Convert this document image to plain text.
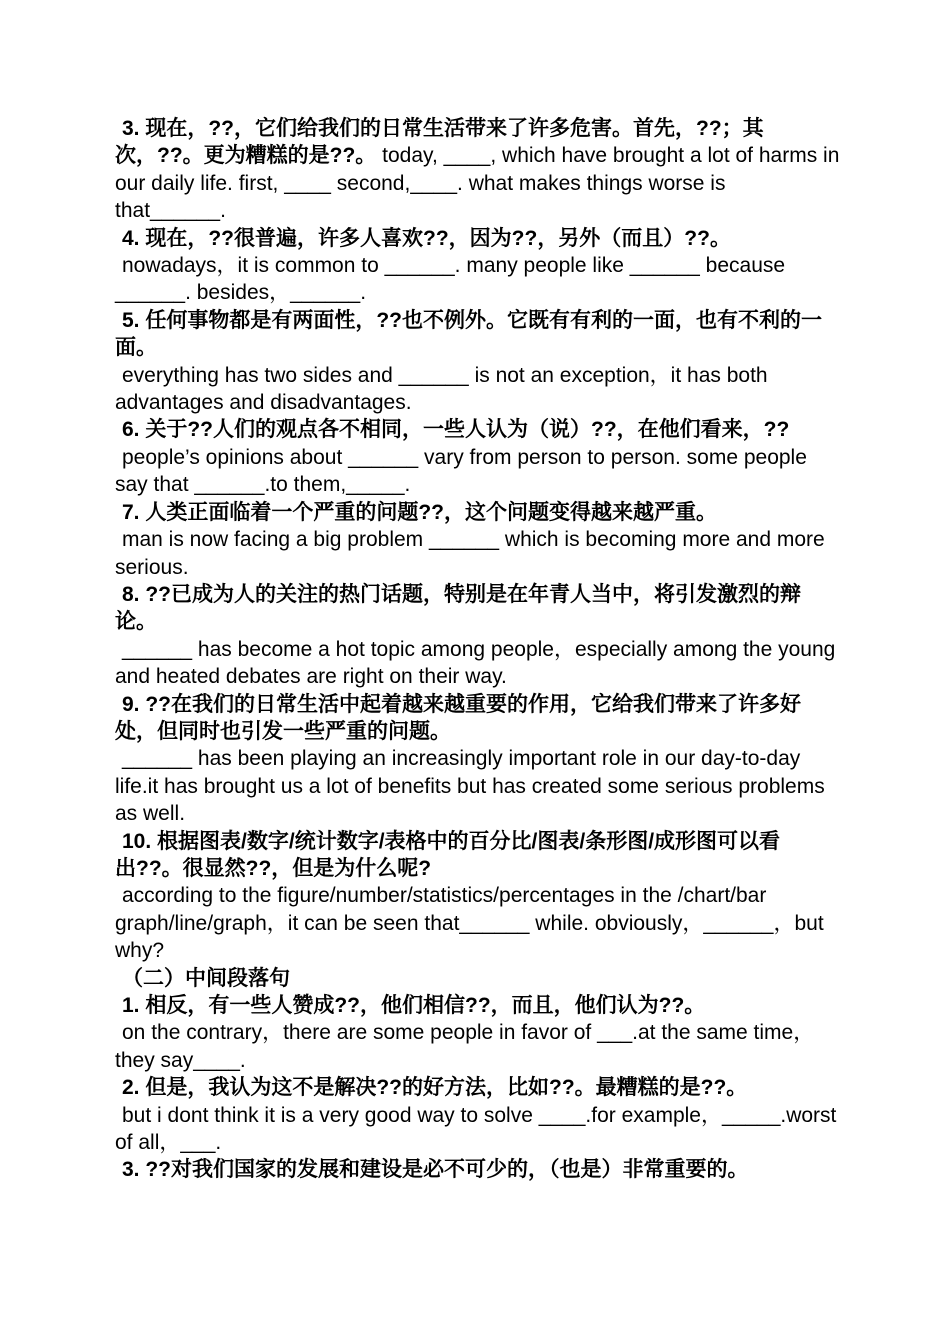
3. 现在，??，它们给我们的日常生活带来了许多危害。首先，??；其次，??。更为糟糕的是??。 today, ____, which have brought a lot of harms in our daily life. first, ____ second,____. what makes things worse is that______.

4. 现在，??很普遍，许多人喜欢??，因为??，另外（而且）??。
nowadays，it is common to ______. many people like ______ because ______. besides，______.

5. 任何事物都是有两面性，??也不例外。它既有有利的一面，也有不利的一面。
everything has two sides and ______ is not an exception，it has both advantages and disadvantages.

6. 关于??人们的观点各不相同，一些人认为（说）??，在他们看来，??
people’s opinions about ______ vary from person to person. some people say that ______.to them,_____.

7. 人类正面临着一个严重的问题??，这个问题变得越来越严重。
man is now facing a big problem ______ which is becoming more and more serious.

8. ??已成为人的关注的热门话题，特别是在年青人当中，将引发激烈的辩论。
______ has become a hot topic among people，especially among the young and heated debates are right on their way.

9. ??在我们的日常生活中起着越来越重要的作用，它给我们带来了许多好处，但同时也引发一些严重的问题。
______ has been playing an increasingly important role in our day-to-day life.it has brought us a lot of benefits but has created some serious problems as well.

10. 根据图表/数字/统计数字/表格中的百分比/图表/条形图/成形图可以看出??。很显然??，但是为什么呢?
according to the figure/number/statistics/percentages in the /chart/bar graph/line/graph，it can be seen that______ while. obviously，______，but why?

（二）中间段落句

1. 相反，有一些人赞成??，他们相信??，而且，他们认为??。
on the contrary，there are some people in favor of ___.at the same time，they say____.

2. 但是，我认为这不是解决??的好方法，比如??。最糟糕的是??。
but i dont think it is a very good way to solve ____.for example，_____.worst of all，___.

3. ??对我们国家的发展和建设是必不可少的，（也是）非常重要的。
